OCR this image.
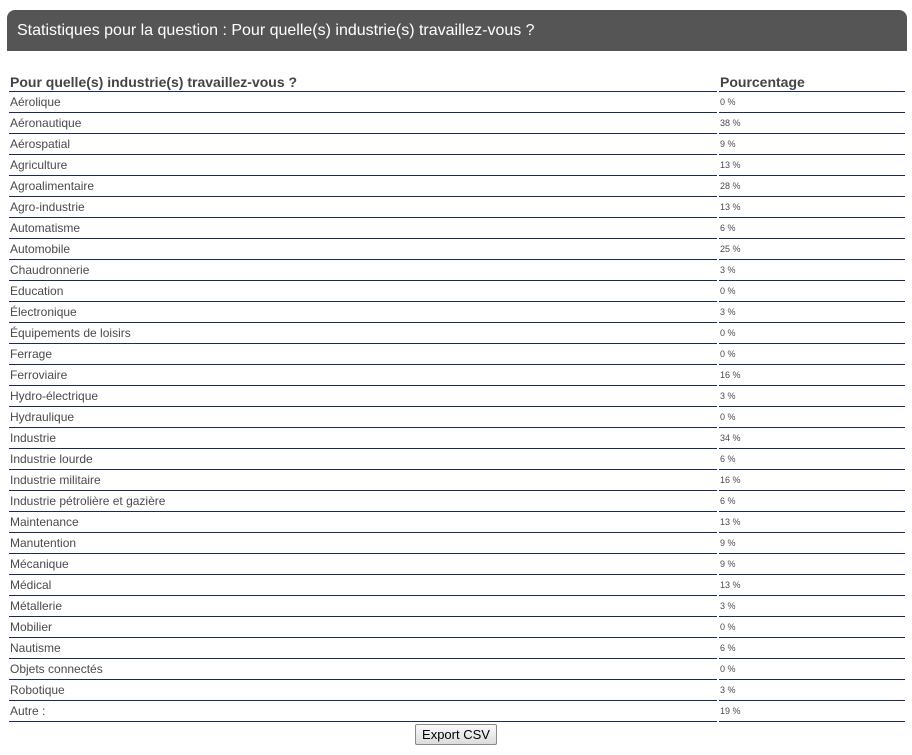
Statistiques pour la question : Pour quelle(s) industrie(s) travaillez-vous ?
Pour quelle(s) industrie(s) travaillez-vous ?	Pourcentage
Aérolique	0 %
Aéronautique	38 %
Aérospatial	9 %
Agriculture	13 %
Agroalimentaire	28 %
Agro-industrie	13 %
Automatisme	6 %
Automobile	25 %
Chaudronnerie	3 %
Education	0 %
Électronique	3 %
Équipements de loisirs	0 %
Ferrage	0 %
Ferroviaire	16 %
Hydro-électrique	3 %
Hydraulique	0 %
Industrie	34 %
Industrie lourde	6 %
Industrie militaire	16 %
Industrie pétrolière et gazière	6 %
Maintenance	13 %
Manutention	9 %
Mécanique	9 %
Médical	13 %
Métallerie	3 %
Mobilier	0 %
Nautisme	6 %
Objets connectés	0 %
Robotique	3 %
Autre :	19 %
Export CSV
